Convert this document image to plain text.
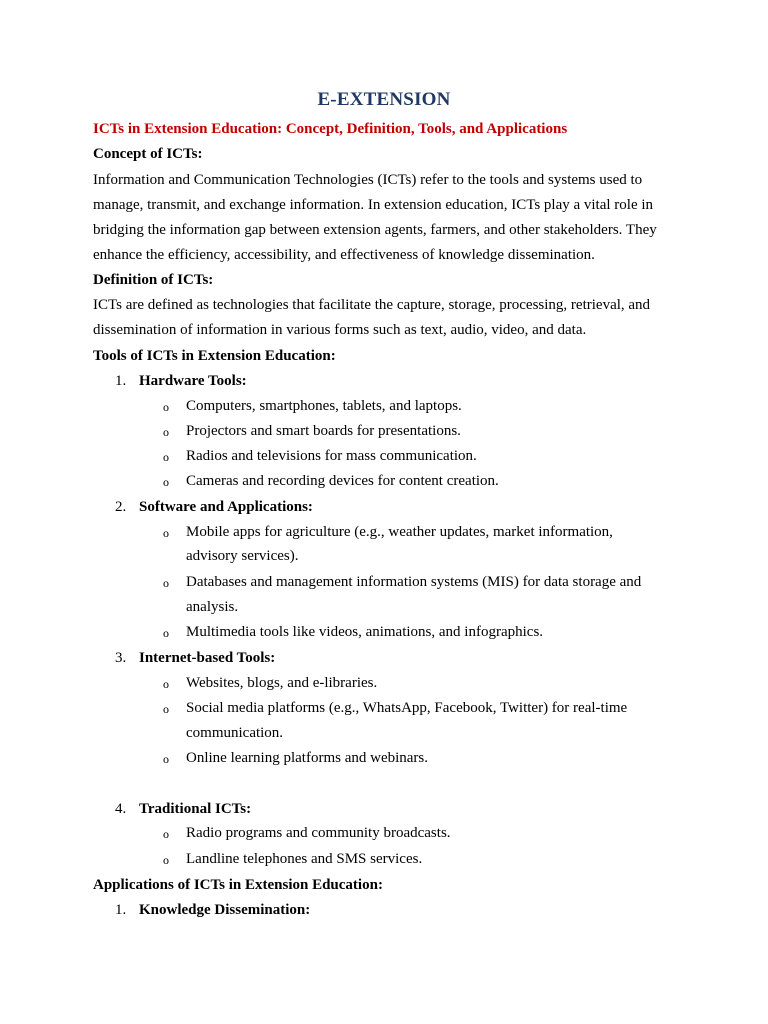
E-EXTENSION
ICTs in Extension Education: Concept, Definition, Tools, and Applications
Concept of ICTs:
Information and Communication Technologies (ICTs) refer to the tools and systems used to
manage, transmit, and exchange information. In extension education, ICTs play a vital role in
bridging the information gap between extension agents, farmers, and other stakeholders. They
enhance the efficiency, accessibility, and effectiveness of knowledge dissemination.
Definition of ICTs:
ICTs are defined as technologies that facilitate the capture, storage, processing, retrieval, and
dissemination of information in various forms such as text, audio, video, and data.
Tools of ICTs in Extension Education:
1. Hardware Tools:
o Computers, smartphones, tablets, and laptops.
o Projectors and smart boards for presentations.
o Radios and televisions for mass communication.
o Cameras and recording devices for content creation.
2. Software and Applications:
o Mobile apps for agriculture (e.g., weather updates, market information,
advisory services).
o Databases and management information systems (MIS) for data storage and
analysis.
o Multimedia tools like videos, animations, and infographics.
3. Internet-based Tools:
o Websites, blogs, and e-libraries.
o Social media platforms (e.g., WhatsApp, Facebook, Twitter) for real-time
communication.
o Online learning platforms and webinars.
4. Traditional ICTs:
o Radio programs and community broadcasts.
o Landline telephones and SMS services.
Applications of ICTs in Extension Education:
1. Knowledge Dissemination:
